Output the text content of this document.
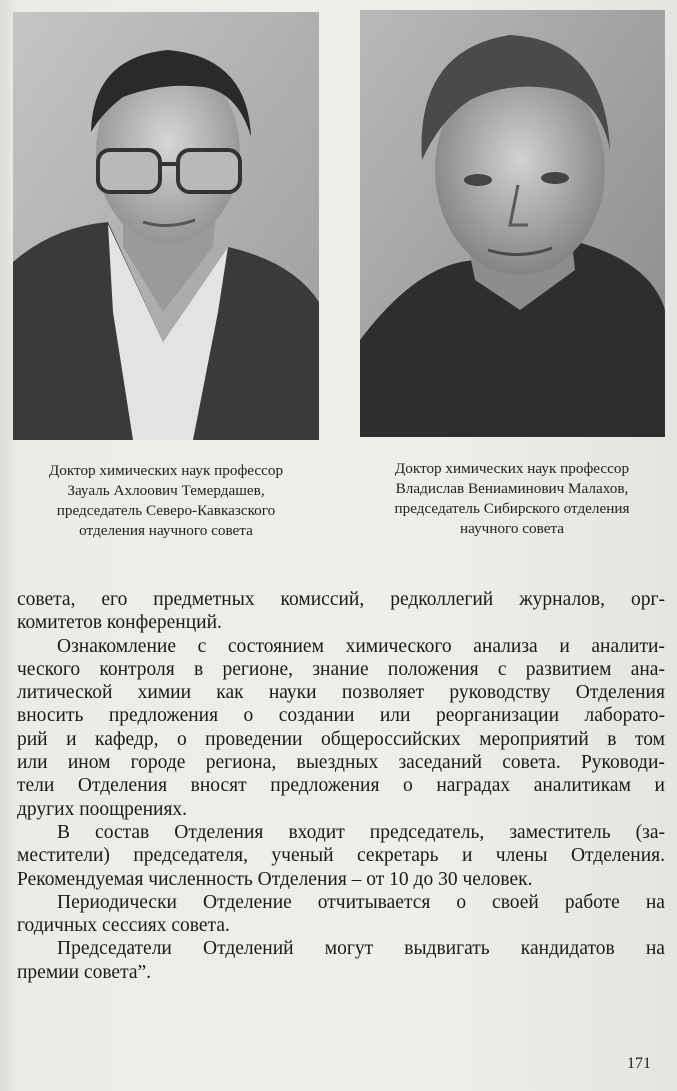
Доктор химических наук профессор
Зауаль Ахлоович Темердашев,
председатель Северо-Кавказского
отделения научного совета
Доктор химических наук профессор
Владислав Вениаминович Малахов,
председатель Сибирского отделения
научного совета
совета, его предметных комиссий, редколлегий журналов, орг-
комитетов конференций.
Ознакомление с состоянием химического анализа и аналити-
ческого контроля в регионе, знание положения с развитием ана-
литической химии как науки позволяет руководству Отделения
вносить предложения о создании или реорганизации лаборато-
рий и кафедр, о проведении общероссийских мероприятий в том
или ином городе региона, выездных заседаний совета. Руководи-
тели Отделения вносят предложения о наградах аналитикам и
других поощрениях.
В состав Отделения входит председатель, заместитель (за-
местители) председателя, ученый секретарь и члены Отделения.
Рекомендуемая численность Отделения – от 10 до 30 человек.
Периодически Отделение отчитывается о своей работе на
годичных сессиях совета.
Председатели Отделений могут выдвигать кандидатов на
премии совета”.
171
